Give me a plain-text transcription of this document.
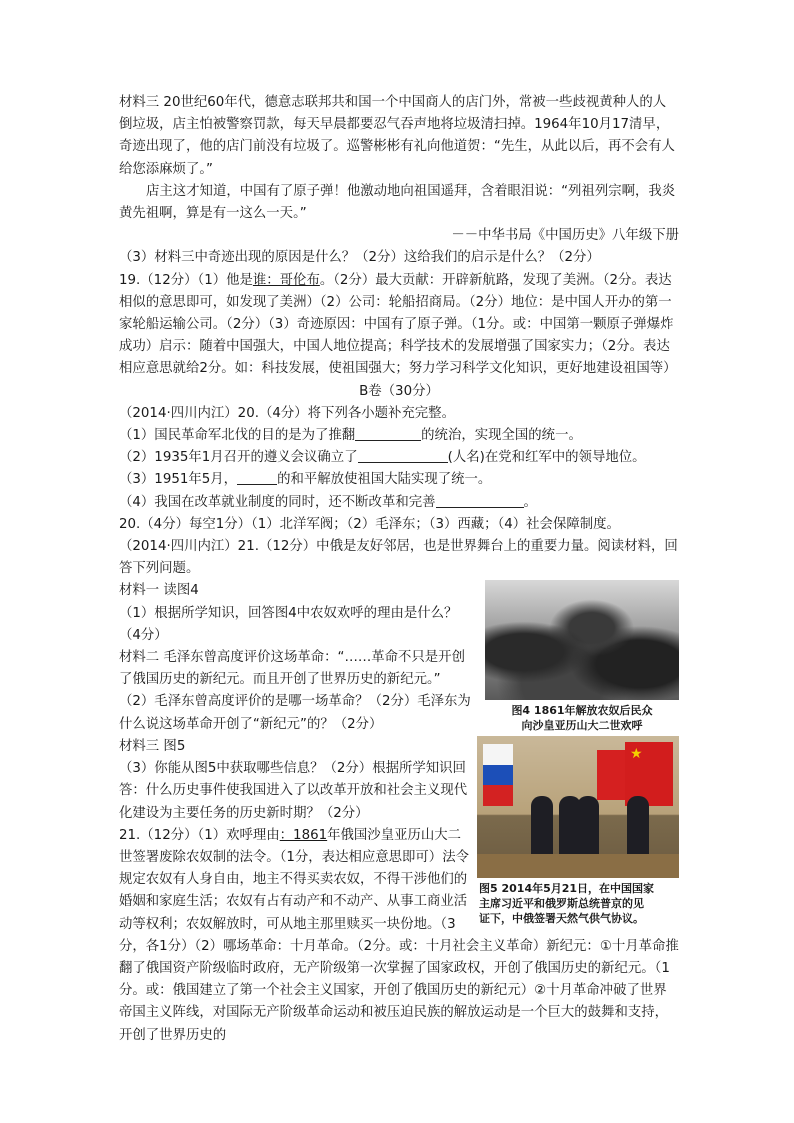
材料三 20世纪60年代，德意志联邦共和国一个中国商人的店门外，常被一些歧视黄种人的人倒垃圾，店主怕被警察罚款，每天早晨都要忍气吞声地将垃圾清扫掉。1964年10月17清早，奇迹出现了，他的店门前没有垃圾了。巡警彬彬有礼向他道贺：“先生，从此以后，再不会有人给您添麻烦了。”

店主这才知道，中国有了原子弹！他激动地向祖国遥拜，含着眼泪说：“列祖列宗啊，我炎黄先祖啊，算是有一这么一天。”

－－中华书局《中国历史》八年级下册

（3）材料三中奇迹出现的原因是什么？（2分）这给我们的启示是什么？（2分）

19.（12分）（1）他是谁：哥伦布。（2分）最大贡献：开辟新航路，发现了美洲。（2分。表达相似的意思即可，如发现了美洲）（2）公司：轮船招商局。（2分）地位：是中国人开办的第一家轮船运输公司。（2分）（3）奇迹原因：中国有了原子弹。（1分。或：中国第一颗原子弹爆炸成功）启示：随着中国强大，中国人地位提高；科学技术的发展增强了国家实力；（2分。表达相应意思就给2分。如：科技发展，使祖国强大；努力学习科学文化知识，更好地建设祖国等）

B卷（30分）

（2014·四川内江）20.（4分）将下列各小题补充完整。

（1）国民革命军北伐的目的是为了推翻	的统治，实现全国的统一。

（2）1935年1月召开的遵义会议确立了	(人名)在党和红军中的领导地位。

（3）1951年5月，	的和平解放使祖国大陆实现了统一。

（4）我国在改革就业制度的同时，还不断改革和完善	。

20.（4分）每空1分）（1）北洋军阀；（2）毛泽东；（3）西藏；（4）社会保障制度。

（2014·四川内江）21.（12分）中俄是友好邻居，也是世界舞台上的重要力量。阅读材料，回答下列问题。

图4 1861年解放农奴后民众
向沙皇亚历山大二世欢呼

材料一 读图4

（1）根据所学知识，回答图4中农奴欢呼的理由是什么？（4分）

材料二 毛泽东曾高度评价这场革命：“……革命不只是开创了俄国历史的新纪元。而且开创了世界历史的新纪元。”

（2）毛泽东曾高度评价的是哪一场革命？（2分）毛泽东为什么说这场革命开创了“新纪元”的？（2分）

★
图5 2014年5月21日，在中国国家
主席习近平和俄罗斯总统普京的见
证下，中俄签署天然气供气协议。

材料三 图5

（3）你能从图5中获取哪些信息？（2分）根据所学知识回答：什么历史事件使我国进入了以改革开放和社会主义现代化建设为主要任务的历史新时期？（2分）

21.（12分）（1）欢呼理由：1861年俄国沙皇亚历山大二世签署废除农奴制的法令。（1分，表达相应意思即可）法令规定农奴有人身自由，地主不得买卖农奴，不得干涉他们的婚姻和家庭生活；农奴有占有动产和不动产、从事工商业活动等权利；农奴解放时，可从地主那里赎买一块份地。（3分，各1分）（2）哪场革命：十月革命。（2分。或：十月社会主义革命）新纪元：①十月革命推翻了俄国资产阶级临时政府，无产阶级第一次掌握了国家政权，开创了俄国历史的新纪元。（1分。或：俄国建立了第一个社会主义国家，开创了俄国历史的新纪元）②十月革命冲破了世界帝国主义阵线，对国际无产阶级革命运动和被压迫民族的解放运动是一个巨大的鼓舞和支持，开创了世界历史的
